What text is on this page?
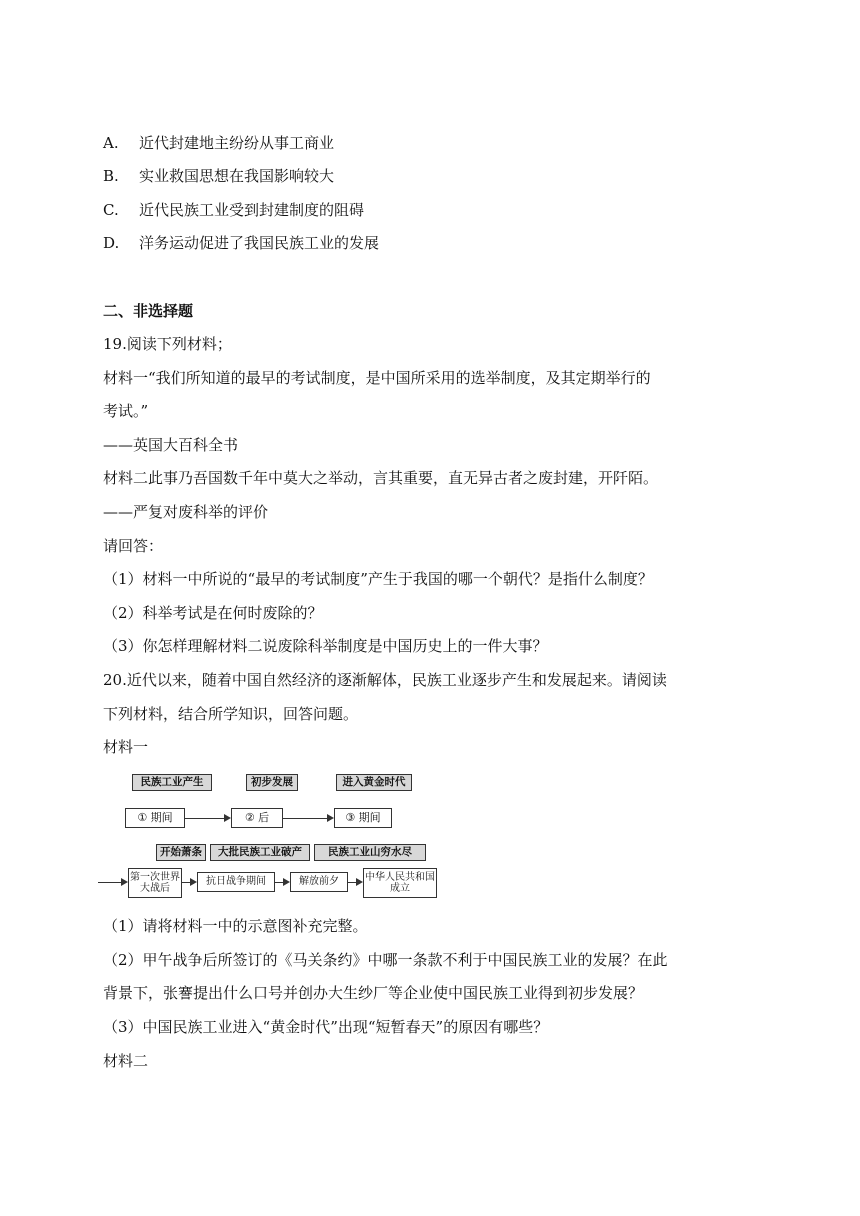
A. 近代封建地主纷纷从事工商业
B. 实业救国思想在我国影响较大
C. 近代民族工业受到封建制度的阻碍
D. 洋务运动促进了我国民族工业的发展
二、非选择题
19.阅读下列材料；
材料一“我们所知道的最早的考试制度，是中国所采用的选举制度，及其定期举行的
考试。”
——英国大百科全书
材料二此事乃吾国数千年中莫大之举动，言其重要，直无异古者之废封建，开阡陌。
——严复对废科举的评价
请回答：
（1）材料一中所说的“最早的考试制度”产生于我国的哪一个朝代？是指什么制度？
（2）科举考试是在何时废除的？
（3）你怎样理解材料二说废除科举制度是中国历史上的一件大事？
20.近代以来，随着中国自然经济的逐渐解体，民族工业逐步产生和发展起来。请阅读
下列材料，结合所学知识，回答问题。
材料一
民族工业产生	初步发展	进入黄金时代
① 期间	② 后	③ 期间
开始萧条	大批民族工业破产	民族工业山穷水尽
第一次世界大战后
抗日战争期间	解放前夕	中华人民共和国成立
（1）请将材料一中的示意图补充完整。
（2）甲午战争后所签订的《马关条约》中哪一条款不利于中国民族工业的发展？在此
背景下，张謇提出什么口号并创办大生纱厂等企业使中国民族工业得到初步发展？
（3）中国民族工业进入“黄金时代”出现“短暂春天”的原因有哪些？
材料二
